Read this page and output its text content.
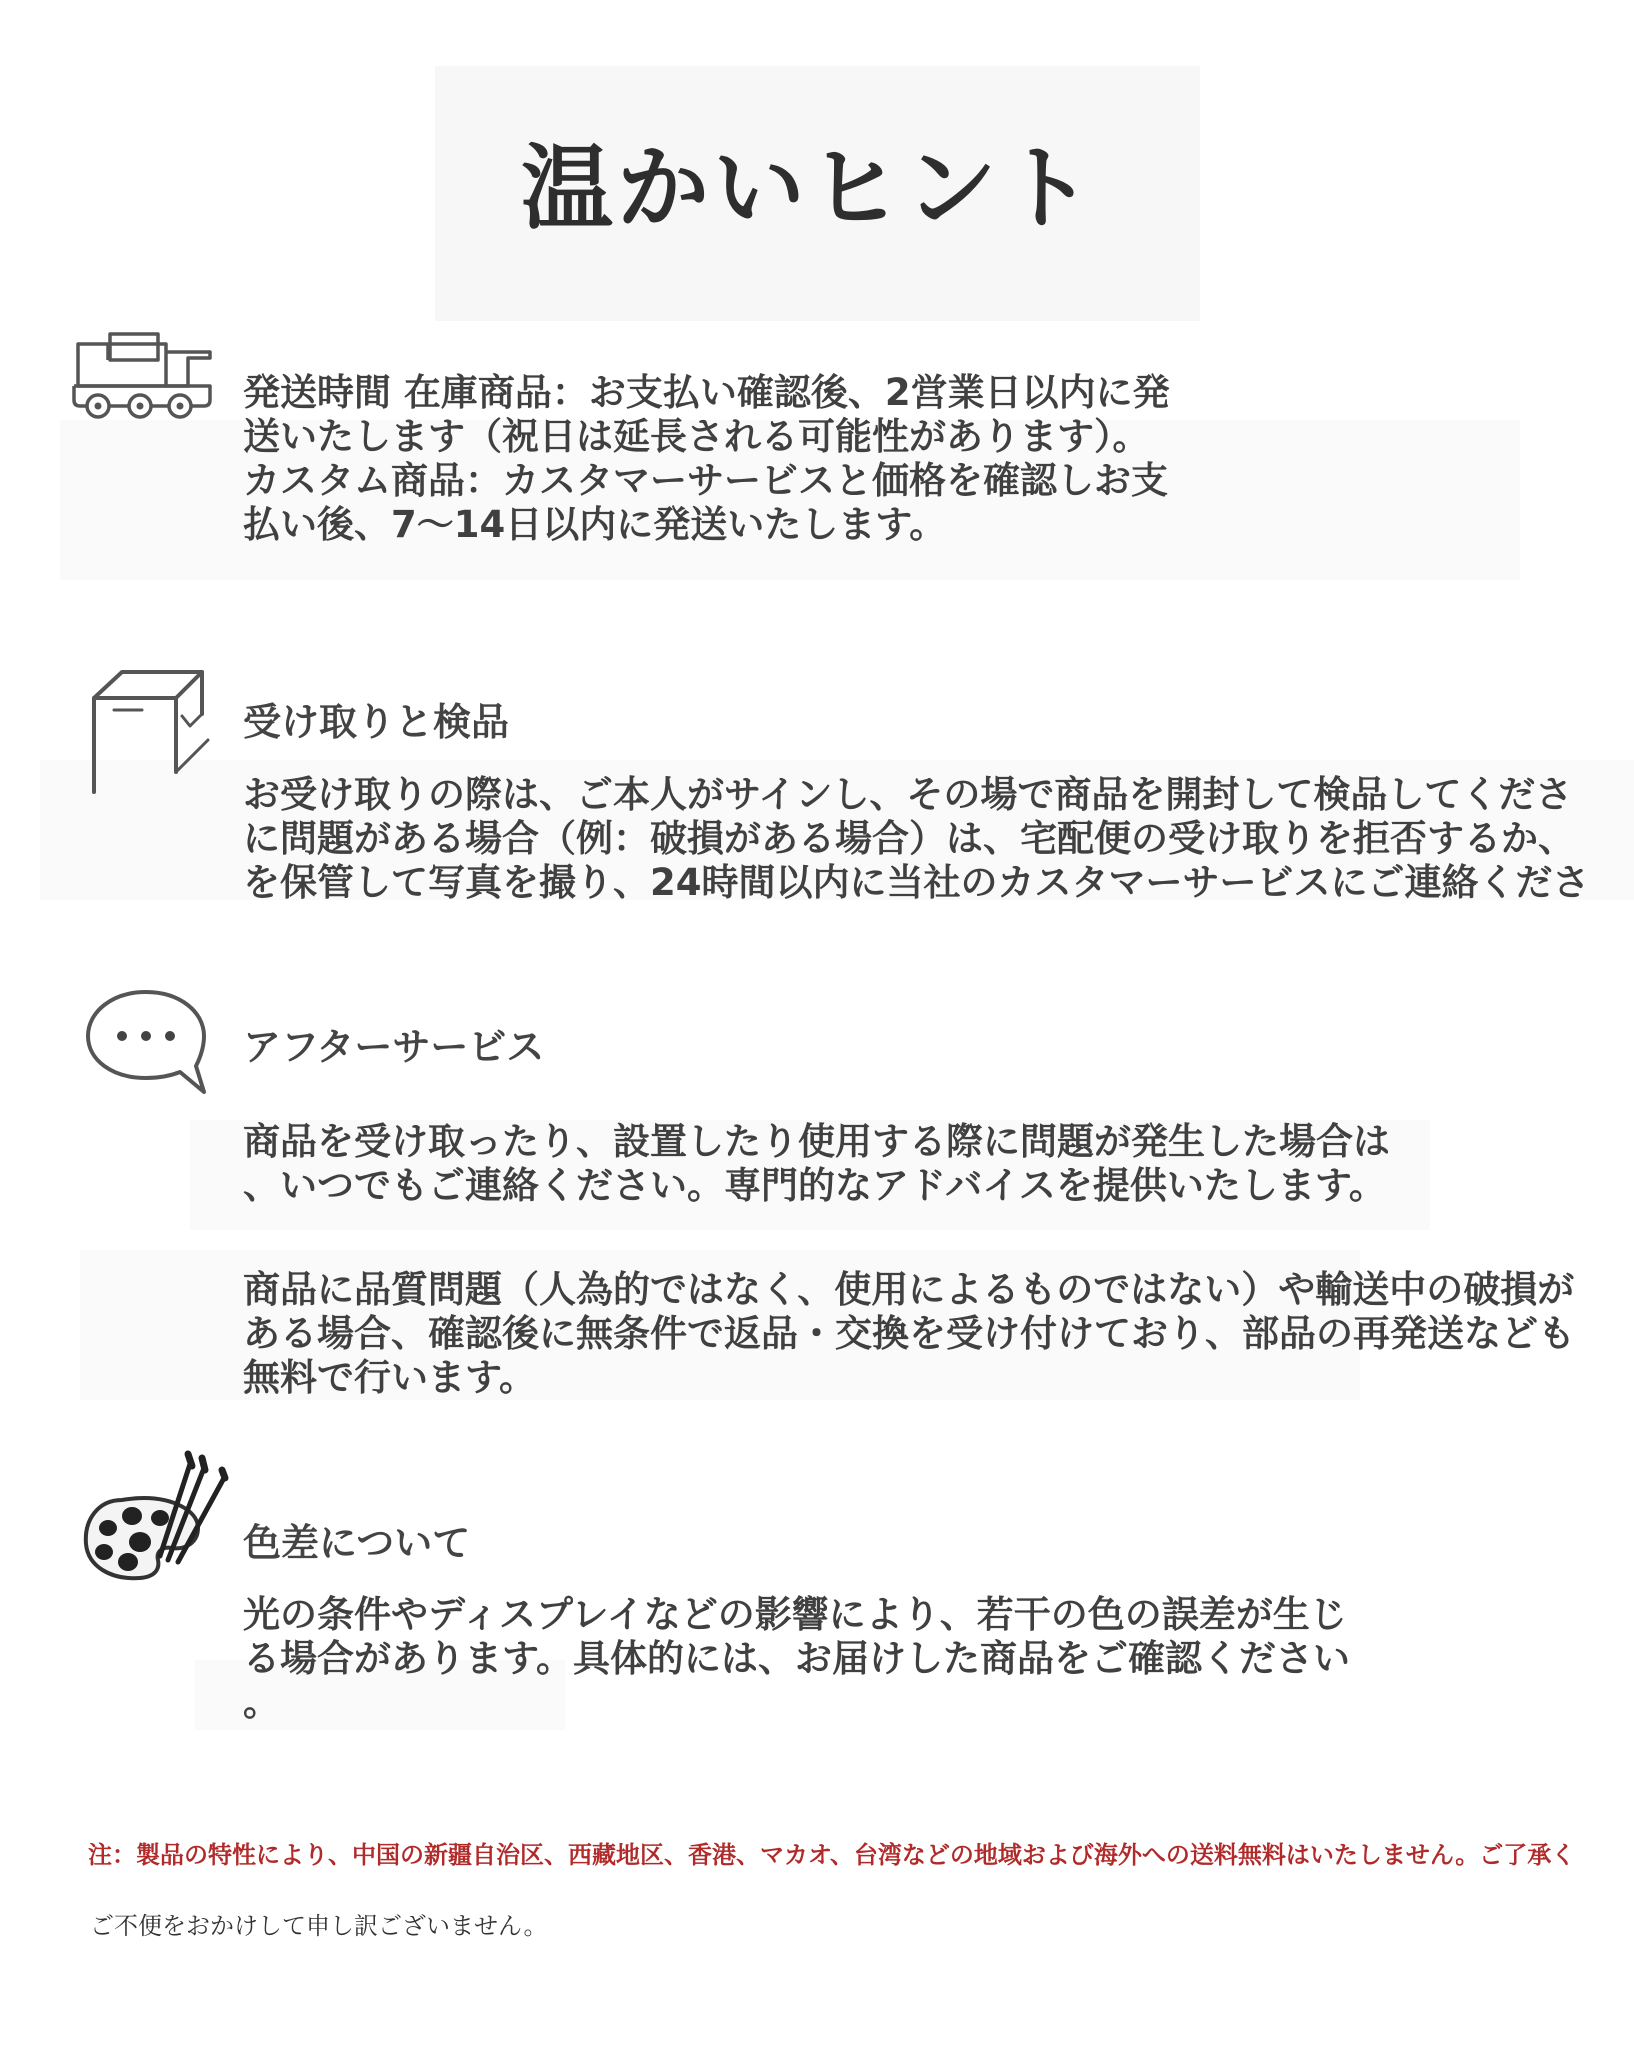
温かいヒント
発送時間 在庫商品：お支払い確認後、2営業日以内に発
送いたします（祝日は延長される可能性があります）。
カスタム商品：カスタマーサービスと価格を確認しお支
払い後、7〜14日以内に発送いたします。
受け取りと検品
お受け取りの際は、ご本人がサインし、その場で商品を開封して検品してくださ
に問題がある場合（例：破損がある場合）は、宅配便の受け取りを拒否するか、
を保管して写真を撮り、24時間以内に当社のカスタマーサービスにご連絡くださ
アフターサービス
商品を受け取ったり、設置したり使用する際に問題が発生した場合は
、いつでもご連絡ください。専門的なアドバイスを提供いたします。
商品に品質問題（人為的ではなく、使用によるものではない）や輸送中の破損が
ある場合、確認後に無条件で返品・交換を受け付けており、部品の再発送なども
無料で行います。
色差について
光の条件やディスプレイなどの影響により、若干の色の誤差が生じ
る場合があります。具体的には、お届けした商品をご確認ください
。
注：製品の特性により、中国の新疆自治区、西藏地区、香港、マカオ、台湾などの地域および海外への送料無料はいたしません。ご了承く
ご不便をおかけして申し訳ございません。
